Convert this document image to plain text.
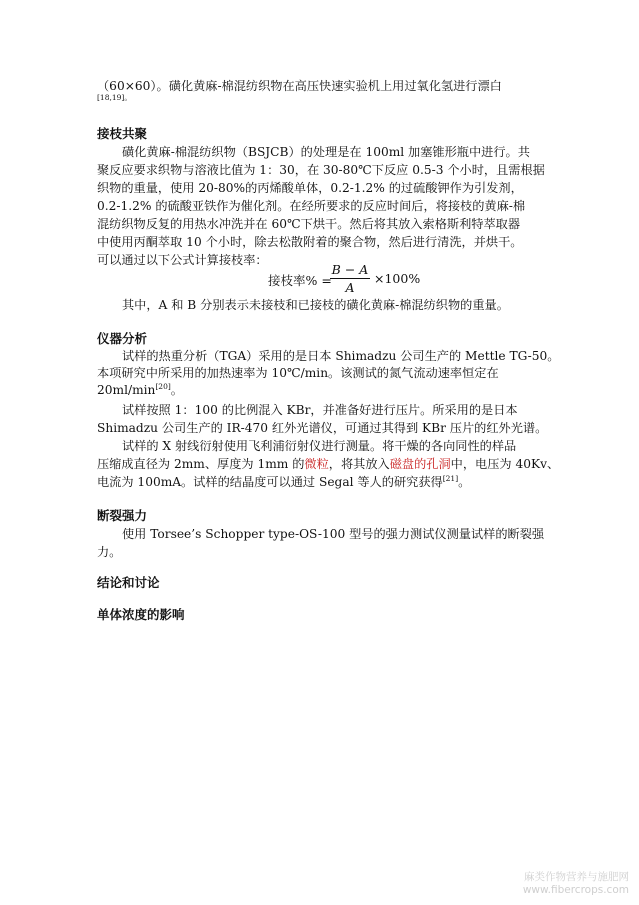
（60×60）。磺化黄麻-棉混纺织物在高压快速实验机上用过氧化氢进行漂白
[18,19]。
接枝共聚
磺化黄麻-棉混纺织物（BSJCB）的处理是在 100ml 加塞锥形瓶中进行。共
聚反应要求织物与溶液比值为 1：30，在 30-80℃下反应 0.5-3 个小时，且需根据
织物的重量，使用 20-80%的丙烯酸单体，0.2-1.2% 的过硫酸钾作为引发剂，
0.2-1.2% 的硫酸亚铁作为催化剂。在经所要求的反应时间后，将接枝的黄麻-棉
混纺织物反复的用热水冲洗并在 60℃下烘干。然后将其放入索格斯利特萃取器
中使用丙酮萃取 10 个小时，除去松散附着的聚合物，然后进行清洗，并烘干。
可以通过以下公式计算接枝率：
接枝率% =
B − A
A
×100%
其中，A 和 B 分别表示未接枝和已接枝的磺化黄麻-棉混纺织物的重量。
仪器分析
试样的热重分析（TGA）采用的是日本 Shimadzu 公司生产的 Mettle TG-50。
本项研究中所采用的加热速率为 10℃/min。该测试的氮气流动速率恒定在
20ml/min[20]。
试样按照 1：100 的比例混入 KBr，并准备好进行压片。所采用的是日本
Shimadzu 公司生产的 IR-470 红外光谱仪，可通过其得到 KBr 压片的红外光谱。
试样的 X 射线衍射使用飞利浦衍射仪进行测量。将干燥的各向同性的样品
压缩成直径为 2mm、厚度为 1mm 的微粒，将其放入磁盘的孔洞中，电压为 40Kv、
电流为 100mA。试样的结晶度可以通过 Segal 等人的研究获得[21]。
断裂强力
使用 Torsee’s Schopper type-OS-100 型号的强力测试仪测量试样的断裂强
力。
结论和讨论
单体浓度的影响
麻类作物营养与施肥网
www.fibercrops.com
